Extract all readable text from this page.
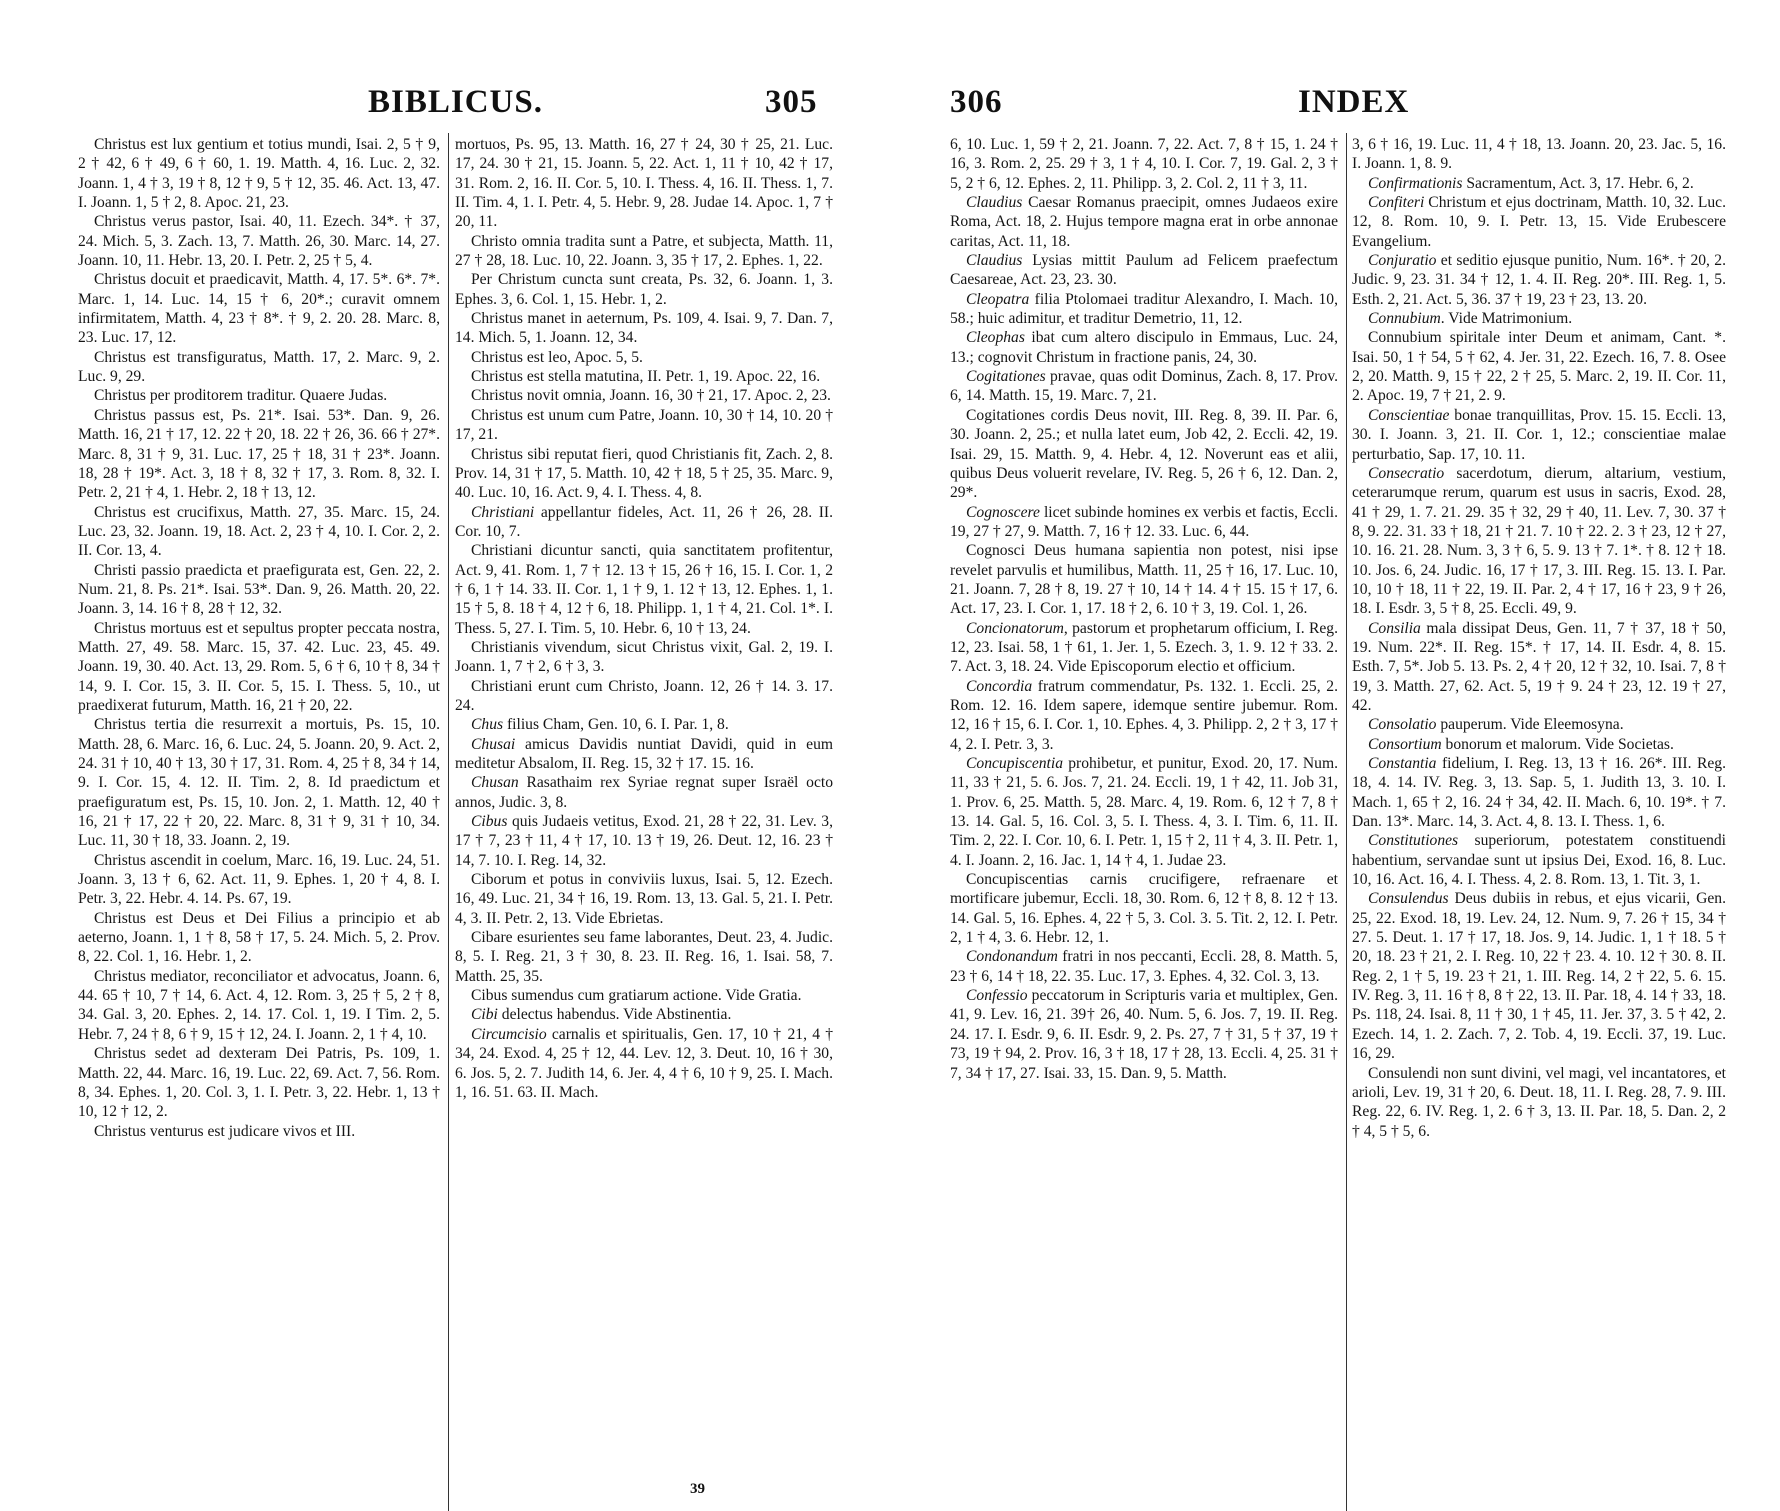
BIBLICUS.	305

Christus est lux gentium et totius mundi, Isai. 2, 5 † 9, 2 † 42, 6 † 49, 6 † 60, 1. 19. Matth. 4, 16. Luc. 2, 32. Joann. 1, 4 † 3, 19 † 8, 12 † 9, 5 † 12, 35. 46. Act. 13, 47. I. Joann. 1, 5 † 2, 8. Apoc. 21, 23.

Christus verus pastor, Isai. 40, 11. Ezech. 34*. † 37, 24. Mich. 5, 3. Zach. 13, 7. Matth. 26, 30. Marc. 14, 27. Joann. 10, 11. Hebr. 13, 20. I. Petr. 2, 25 † 5, 4.

Christus docuit et praedicavit, Matth. 4, 17. 5*. 6*. 7*. Marc. 1, 14. Luc. 14, 15 † 6, 20*.; curavit omnem infirmitatem, Matth. 4, 23 † 8*. † 9, 2. 20. 28. Marc. 8, 23. Luc. 17, 12.

Christus est transfiguratus, Matth. 17, 2. Marc. 9, 2. Luc. 9, 29.

Christus per proditorem traditur. Quaere Judas.

Christus passus est, Ps. 21*. Isai. 53*. Dan. 9, 26. Matth. 16, 21 † 17, 12. 22 † 20, 18. 22 † 26, 36. 66 † 27*. Marc. 8, 31 † 9, 31. Luc. 17, 25 † 18, 31 † 23*. Joann. 18, 28 † 19*. Act. 3, 18 † 8, 32 † 17, 3. Rom. 8, 32. I. Petr. 2, 21 † 4, 1. Hebr. 2, 18 † 13, 12.

Christus est crucifixus, Matth. 27, 35. Marc. 15, 24. Luc. 23, 32. Joann. 19, 18. Act. 2, 23 † 4, 10. I. Cor. 2, 2. II. Cor. 13, 4.

Christi passio praedicta et praefigurata est, Gen. 22, 2. Num. 21, 8. Ps. 21*. Isai. 53*. Dan. 9, 26. Matth. 20, 22. Joann. 3, 14. 16 † 8, 28 † 12, 32.

Christus mortuus est et sepultus propter peccata nostra, Matth. 27, 49. 58. Marc. 15, 37. 42. Luc. 23, 45. 49. Joann. 19, 30. 40. Act. 13, 29. Rom. 5, 6 † 6, 10 † 8, 34 † 14, 9. I. Cor. 15, 3. II. Cor. 5, 15. I. Thess. 5, 10., ut praedixerat futurum, Matth. 16, 21 † 20, 22.

Christus tertia die resurrexit a mortuis, Ps. 15, 10. Matth. 28, 6. Marc. 16, 6. Luc. 24, 5. Joann. 20, 9. Act. 2, 24. 31 † 10, 40 † 13, 30 † 17, 31. Rom. 4, 25 † 8, 34 † 14, 9. I. Cor. 15, 4. 12. II. Tim. 2, 8. Id praedictum et praefiguratum est, Ps. 15, 10. Jon. 2, 1. Matth. 12, 40 † 16, 21 † 17, 22 † 20, 22. Marc. 8, 31 † 9, 31 † 10, 34. Luc. 11, 30 † 18, 33. Joann. 2, 19.

Christus ascendit in coelum, Marc. 16, 19. Luc. 24, 51. Joann. 3, 13 † 6, 62. Act. 11, 9. Ephes. 1, 20 † 4, 8. I. Petr. 3, 22. Hebr. 4. 14. Ps. 67, 19.

Christus est Deus et Dei Filius a principio et ab aeterno, Joann. 1, 1 † 8, 58 † 17, 5. 24. Mich. 5, 2. Prov. 8, 22. Col. 1, 16. Hebr. 1, 2.

Christus mediator, reconciliator et advocatus, Joann. 6, 44. 65 † 10, 7 † 14, 6. Act. 4, 12. Rom. 3, 25 † 5, 2 † 8, 34. Gal. 3, 20. Ephes. 2, 14. 17. Col. 1, 19. I Tim. 2, 5. Hebr. 7, 24 † 8, 6 † 9, 15 † 12, 24. I. Joann. 2, 1 † 4, 10.

Christus sedet ad dexteram Dei Patris, Ps. 109, 1. Matth. 22, 44. Marc. 16, 19. Luc. 22, 69. Act. 7, 56. Rom. 8, 34. Ephes. 1, 20. Col. 3, 1. I. Petr. 3, 22. Hebr. 1, 13 † 10, 12 † 12, 2.

Christus venturus est judicare vivos et III.

mortuos, Ps. 95, 13. Matth. 16, 27 † 24, 30 † 25, 21. Luc. 17, 24. 30 † 21, 15. Joann. 5, 22. Act. 1, 11 † 10, 42 † 17, 31. Rom. 2, 16. II. Cor. 5, 10. I. Thess. 4, 16. II. Thess. 1, 7. II. Tim. 4, 1. I. Petr. 4, 5. Hebr. 9, 28. Judae 14. Apoc. 1, 7 † 20, 11.

Christo omnia tradita sunt a Patre, et subjecta, Matth. 11, 27 † 28, 18. Luc. 10, 22. Joann. 3, 35 † 17, 2. Ephes. 1, 22.

Per Christum cuncta sunt creata, Ps. 32, 6. Joann. 1, 3. Ephes. 3, 6. Col. 1, 15. Hebr. 1, 2.

Christus manet in aeternum, Ps. 109, 4. Isai. 9, 7. Dan. 7, 14. Mich. 5, 1. Joann. 12, 34.

Christus est leo, Apoc. 5, 5.

Christus est stella matutina, II. Petr. 1, 19. Apoc. 22, 16.

Christus novit omnia, Joann. 16, 30 † 21, 17. Apoc. 2, 23.

Christus est unum cum Patre, Joann. 10, 30 † 14, 10. 20 † 17, 21.

Christus sibi reputat fieri, quod Christianis fit, Zach. 2, 8. Prov. 14, 31 † 17, 5. Matth. 10, 42 † 18, 5 † 25, 35. Marc. 9, 40. Luc. 10, 16. Act. 9, 4. I. Thess. 4, 8.

Christiani appellantur fideles, Act. 11, 26 † 26, 28. II. Cor. 10, 7.

Christiani dicuntur sancti, quia sanctitatem profitentur, Act. 9, 41. Rom. 1, 7 † 12. 13 † 15, 26 † 16, 15. I. Cor. 1, 2 † 6, 1 † 14. 33. II. Cor. 1, 1 † 9, 1. 12 † 13, 12. Ephes. 1, 1. 15 † 5, 8. 18 † 4, 12 † 6, 18. Philipp. 1, 1 † 4, 21. Col. 1*. I. Thess. 5, 27. I. Tim. 5, 10. Hebr. 6, 10 † 13, 24.

Christianis vivendum, sicut Christus vixit, Gal. 2, 19. I. Joann. 1, 7 † 2, 6 † 3, 3.

Christiani erunt cum Christo, Joann. 12, 26 † 14. 3. 17. 24.

Chus filius Cham, Gen. 10, 6. I. Par. 1, 8.

Chusai amicus Davidis nuntiat Davidi, quid in eum meditetur Absalom, II. Reg. 15, 32 † 17. 15. 16.

Chusan Rasathaim rex Syriae regnat super Israël octo annos, Judic. 3, 8.

Cibus quis Judaeis vetitus, Exod. 21, 28 † 22, 31. Lev. 3, 17 † 7, 23 † 11, 4 † 17, 10. 13 † 19, 26. Deut. 12, 16. 23 † 14, 7. 10. I. Reg. 14, 32.

Ciborum et potus in conviviis luxus, Isai. 5, 12. Ezech. 16, 49. Luc. 21, 34 † 16, 19. Rom. 13, 13. Gal. 5, 21. I. Petr. 4, 3. II. Petr. 2, 13. Vide Ebrietas.

Cibare esurientes seu fame laborantes, Deut. 23, 4. Judic. 8, 5. I. Reg. 21, 3 † 30, 8. 23. II. Reg. 16, 1. Isai. 58, 7. Matth. 25, 35.

Cibus sumendus cum gratiarum actione. Vide Gratia.

Cibi delectus habendus. Vide Abstinentia.

Circumcisio carnalis et spiritualis, Gen. 17, 10 † 21, 4 † 34, 24. Exod. 4, 25 † 12, 44. Lev. 12, 3. Deut. 10, 16 † 30, 6. Jos. 5, 2. 7. Judith 14, 6. Jer. 4, 4 † 6, 10 † 9, 25. I. Mach. 1, 16. 51. 63. II. Mach.

39
306	INDEX

6, 10. Luc. 1, 59 † 2, 21. Joann. 7, 22. Act. 7, 8 † 15, 1. 24 † 16, 3. Rom. 2, 25. 29 † 3, 1 † 4, 10. I. Cor. 7, 19. Gal. 2, 3 † 5, 2 † 6, 12. Ephes. 2, 11. Philipp. 3, 2. Col. 2, 11 † 3, 11.

Claudius Caesar Romanus praecipit, omnes Judaeos exire Roma, Act. 18, 2. Hujus tempore magna erat in orbe annonae caritas, Act. 11, 18.

Claudius Lysias mittit Paulum ad Felicem praefectum Caesareae, Act. 23, 23. 30.

Cleopatra filia Ptolomaei traditur Alexandro, I. Mach. 10, 58.; huic adimitur, et traditur Demetrio, 11, 12.

Cleophas ibat cum altero discipulo in Emmaus, Luc. 24, 13.; cognovit Christum in fractione panis, 24, 30.

Cogitationes pravae, quas odit Dominus, Zach. 8, 17. Prov. 6, 14. Matth. 15, 19. Marc. 7, 21.

Cogitationes cordis Deus novit, III. Reg. 8, 39. II. Par. 6, 30. Joann. 2, 25.; et nulla latet eum, Job 42, 2. Eccli. 42, 19. Isai. 29, 15. Matth. 9, 4. Hebr. 4, 12. Noverunt eas et alii, quibus Deus voluerit revelare, IV. Reg. 5, 26 † 6, 12. Dan. 2, 29*.

Cognoscere licet subinde homines ex verbis et factis, Eccli. 19, 27 † 27, 9. Matth. 7, 16 † 12. 33. Luc. 6, 44.

Cognosci Deus humana sapientia non potest, nisi ipse revelet parvulis et humilibus, Matth. 11, 25 † 16, 17. Luc. 10, 21. Joann. 7, 28 † 8, 19. 27 † 10, 14 † 14. 4 † 15. 15 † 17, 6. Act. 17, 23. I. Cor. 1, 17. 18 † 2, 6. 10 † 3, 19. Col. 1, 26.

Concionatorum, pastorum et prophetarum officium, I. Reg. 12, 23. Isai. 58, 1 † 61, 1. Jer. 1, 5. Ezech. 3, 1. 9. 12 † 33. 2. 7. Act. 3, 18. 24. Vide Episcoporum electio et officium.

Concordia fratrum commendatur, Ps. 132. 1. Eccli. 25, 2. Rom. 12. 16. Idem sapere, idemque sentire jubemur. Rom. 12, 16 † 15, 6. I. Cor. 1, 10. Ephes. 4, 3. Philipp. 2, 2 † 3, 17 † 4, 2. I. Petr. 3, 3.

Concupiscentia prohibetur, et punitur, Exod. 20, 17. Num. 11, 33 † 21, 5. 6. Jos. 7, 21. 24. Eccli. 19, 1 † 42, 11. Job 31, 1. Prov. 6, 25. Matth. 5, 28. Marc. 4, 19. Rom. 6, 12 † 7, 8 † 13. 14. Gal. 5, 16. Col. 3, 5. I. Thess. 4, 3. I. Tim. 6, 11. II. Tim. 2, 22. I. Cor. 10, 6. I. Petr. 1, 15 † 2, 11 † 4, 3. II. Petr. 1, 4. I. Joann. 2, 16. Jac. 1, 14 † 4, 1. Judae 23.

Concupiscentias carnis crucifigere, refraenare et mortificare jubemur, Eccli. 18, 30. Rom. 6, 12 † 8, 8. 12 † 13. 14. Gal. 5, 16. Ephes. 4, 22 † 5, 3. Col. 3. 5. Tit. 2, 12. I. Petr. 2, 1 † 4, 3. 6. Hebr. 12, 1.

Condonandum fratri in nos peccanti, Eccli. 28, 8. Matth. 5, 23 † 6, 14 † 18, 22. 35. Luc. 17, 3. Ephes. 4, 32. Col. 3, 13.

Confessio peccatorum in Scripturis varia et multiplex, Gen. 41, 9. Lev. 16, 21. 39† 26, 40. Num. 5, 6. Jos. 7, 19. II. Reg. 24. 17. I. Esdr. 9, 6. II. Esdr. 9, 2. Ps. 27, 7 † 31, 5 † 37, 19 † 73, 19 † 94, 2. Prov. 16, 3 † 18, 17 † 28, 13. Eccli. 4, 25. 31 † 7, 34 † 17, 27. Isai. 33, 15. Dan. 9, 5. Matth.

3, 6 † 16, 19. Luc. 11, 4 † 18, 13. Joann. 20, 23. Jac. 5, 16. I. Joann. 1, 8. 9.

Confirmationis Sacramentum, Act. 3, 17. Hebr. 6, 2.

Confiteri Christum et ejus doctrinam, Matth. 10, 32. Luc. 12, 8. Rom. 10, 9. I. Petr. 13, 15. Vide Erubescere Evangelium.

Conjuratio et seditio ejusque punitio, Num. 16*. † 20, 2. Judic. 9, 23. 31. 34 † 12, 1. 4. II. Reg. 20*. III. Reg. 1, 5. Esth. 2, 21. Act. 5, 36. 37 † 19, 23 † 23, 13. 20.

Connubium. Vide Matrimonium.

Connubium spiritale inter Deum et animam, Cant. *. Isai. 50, 1 † 54, 5 † 62, 4. Jer. 31, 22. Ezech. 16, 7. 8. Osee 2, 20. Matth. 9, 15 † 22, 2 † 25, 5. Marc. 2, 19. II. Cor. 11, 2. Apoc. 19, 7 † 21, 2. 9.

Conscientiae bonae tranquillitas, Prov. 15. 15. Eccli. 13, 30. I. Joann. 3, 21. II. Cor. 1, 12.; conscientiae malae perturbatio, Sap. 17, 10. 11.

Consecratio sacerdotum, dierum, altarium, vestium, ceterarumque rerum, quarum est usus in sacris, Exod. 28, 41 † 29, 1. 7. 21. 29. 35 † 32, 29 † 40, 11. Lev. 7, 30. 37 † 8, 9. 22. 31. 33 † 18, 21 † 21. 7. 10 † 22. 2. 3 † 23, 12 † 27, 10. 16. 21. 28. Num. 3, 3 † 6, 5. 9. 13 † 7. 1*. † 8. 12 † 18. 10. Jos. 6, 24. Judic. 16, 17 † 17, 3. III. Reg. 15. 13. I. Par. 10, 10 † 18, 11 † 22, 19. II. Par. 2, 4 † 17, 16 † 23, 9 † 26, 18. I. Esdr. 3, 5 † 8, 25. Eccli. 49, 9.

Consilia mala dissipat Deus, Gen. 11, 7 † 37, 18 † 50, 19. Num. 22*. II. Reg. 15*. † 17, 14. II. Esdr. 4, 8. 15. Esth. 7, 5*. Job 5. 13. Ps. 2, 4 † 20, 12 † 32, 10. Isai. 7, 8 † 19, 3. Matth. 27, 62. Act. 5, 19 † 9. 24 † 23, 12. 19 † 27, 42.

Consolatio pauperum. Vide Eleemosyna.

Consortium bonorum et malorum. Vide Societas.

Constantia fidelium, I. Reg. 13, 13 † 16. 26*. III. Reg. 18, 4. 14. IV. Reg. 3, 13. Sap. 5, 1. Judith 13, 3. 10. I. Mach. 1, 65 † 2, 16. 24 † 34, 42. II. Mach. 6, 10. 19*. † 7. Dan. 13*. Marc. 14, 3. Act. 4, 8. 13. I. Thess. 1, 6.

Constitutiones superiorum, potestatem constituendi habentium, servandae sunt ut ipsius Dei, Exod. 16, 8. Luc. 10, 16. Act. 16, 4. I. Thess. 4, 2. 8. Rom. 13, 1. Tit. 3, 1.

Consulendus Deus dubiis in rebus, et ejus vicarii, Gen. 25, 22. Exod. 18, 19. Lev. 24, 12. Num. 9, 7. 26 † 15, 34 † 27. 5. Deut. 1. 17 † 17, 18. Jos. 9, 14. Judic. 1, 1 † 18. 5 † 20, 18. 23 † 21, 2. I. Reg. 10, 22 † 23. 4. 10. 12 † 30. 8. II. Reg. 2, 1 † 5, 19. 23 † 21, 1. III. Reg. 14, 2 † 22, 5. 6. 15. IV. Reg. 3, 11. 16 † 8, 8 † 22, 13. II. Par. 18, 4. 14 † 33, 18. Ps. 118, 24. Isai. 8, 11 † 30, 1 † 45, 11. Jer. 37, 3. 5 † 42, 2. Ezech. 14, 1. 2. Zach. 7, 2. Tob. 4, 19. Eccli. 37, 19. Luc. 16, 29.

Consulendi non sunt divini, vel magi, vel incantatores, et arioli, Lev. 19, 31 † 20, 6. Deut. 18, 11. I. Reg. 28, 7. 9. III. Reg. 22, 6. IV. Reg. 1, 2. 6 † 3, 13. II. Par. 18, 5. Dan. 2, 2 † 4, 5 † 5, 6.
